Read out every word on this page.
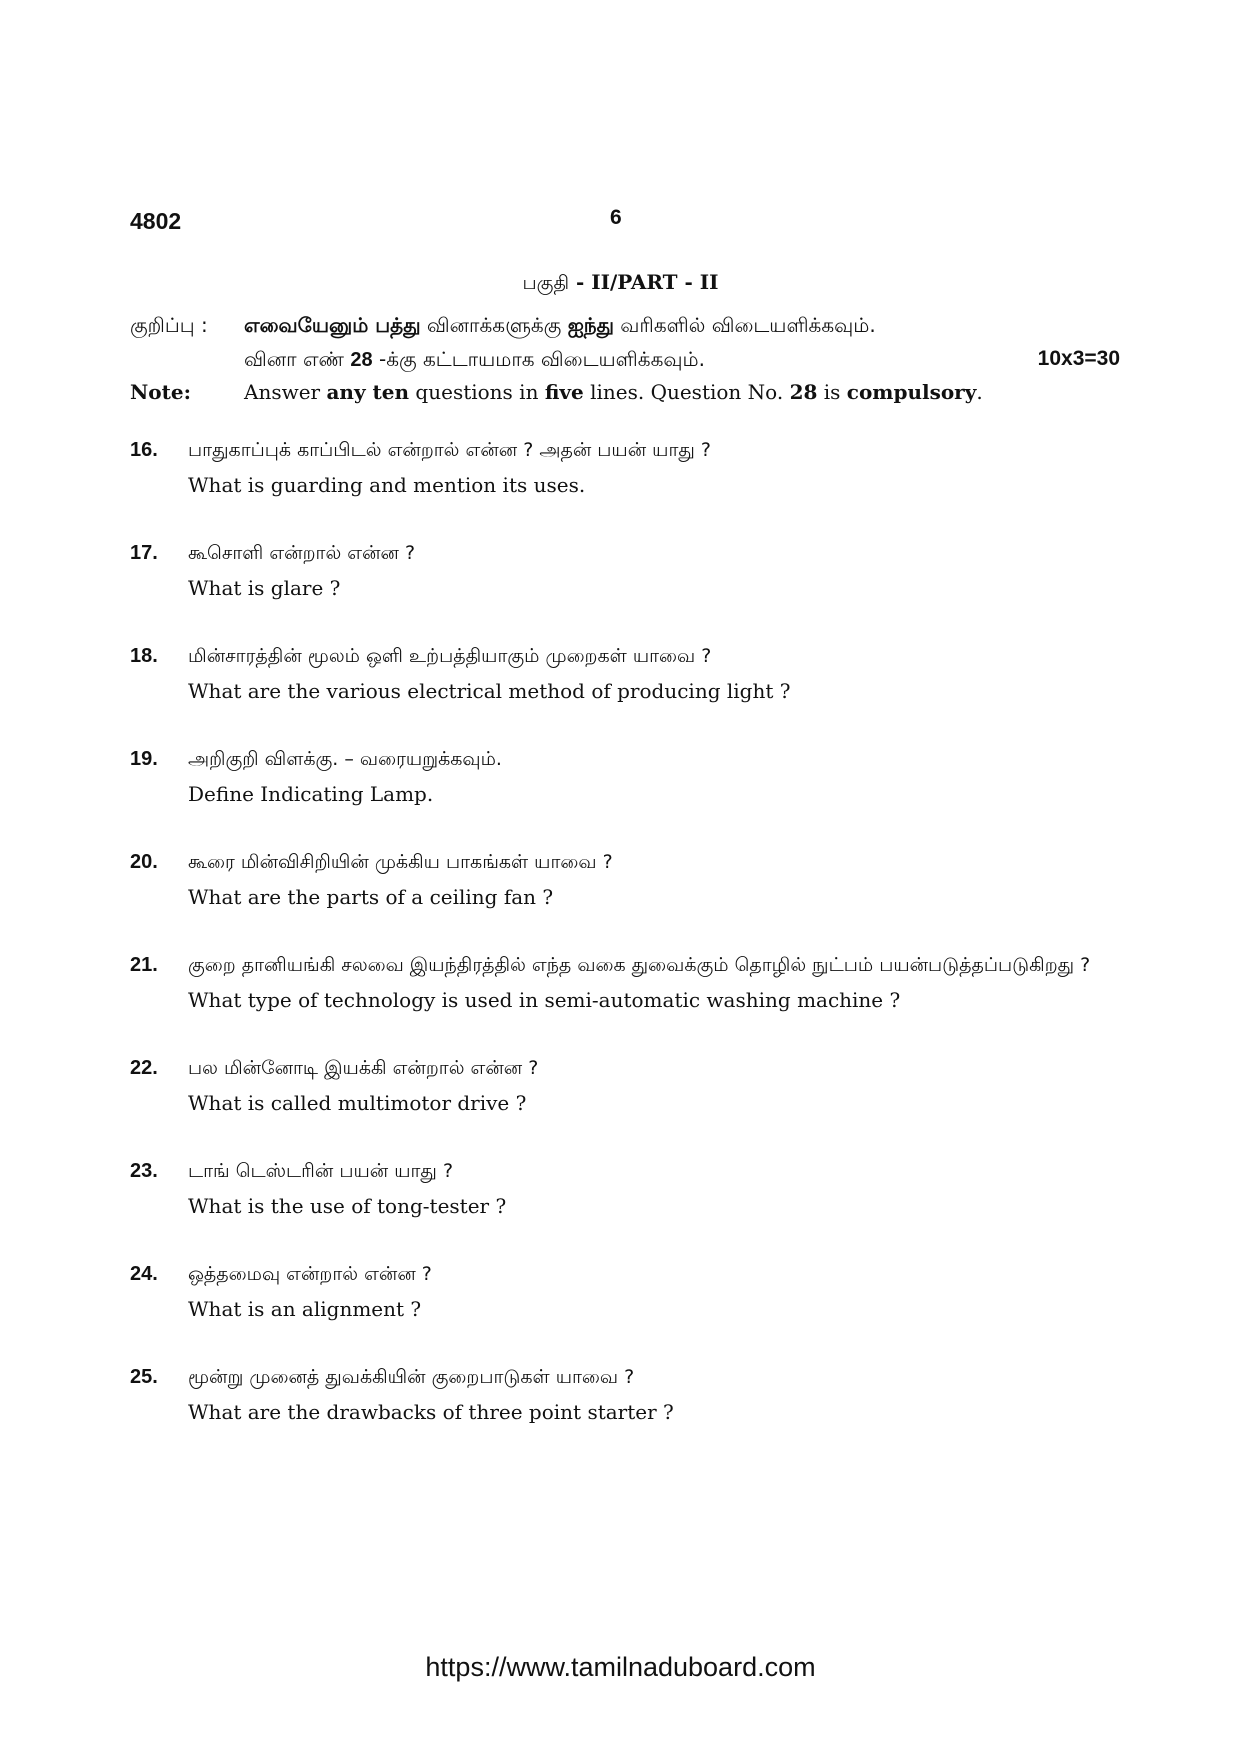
4802	6
பகுதி - II/PART - II
குறிப்பு : எவையேனும் பத்து வினாக்களுக்கு ஐந்து வரிகளில் விடையளிக்கவும்.
வினா எண் 28 -க்கு கட்டாயமாக விடையளிக்கவும்.	10x3=30
Note:	Answer any ten questions in five lines. Question No. 28 is compulsory.
16. பாதுகாப்புக் காப்பிடல் என்றால் என்ன ? அதன் பயன் யாது ?
What is guarding and mention its uses.
17. கூசொளி என்றால் என்ன ?
What is glare ?
18. மின்சாரத்தின் மூலம் ஒளி உற்பத்தியாகும் முறைகள் யாவை ?
What are the various electrical method of producing light ?
19. அறிகுறி விளக்கு. – வரையறுக்கவும்.
Define Indicating Lamp.
20. கூரை மின்விசிறியின் முக்கிய பாகங்கள் யாவை ?
What are the parts of a ceiling fan ?
21. குறை தானியங்கி சலவை இயந்திரத்தில் எந்த வகை துவைக்கும் தொழில் நுட்பம் பயன்படுத்தப்படுகிறது ?
What type of technology is used in semi-automatic washing machine ?
22. பல மின்னோடி இயக்கி என்றால் என்ன ?
What is called multimotor drive ?
23. டாங் டெஸ்டரின் பயன் யாது ?
What is the use of tong-tester ?
24. ஒத்தமைவு என்றால் என்ன ?
What is an alignment ?
25. மூன்று முனைத் துவக்கியின் குறைபாடுகள் யாவை ?
What are the drawbacks of three point starter ?
https://www.tamilnaduboard.com
